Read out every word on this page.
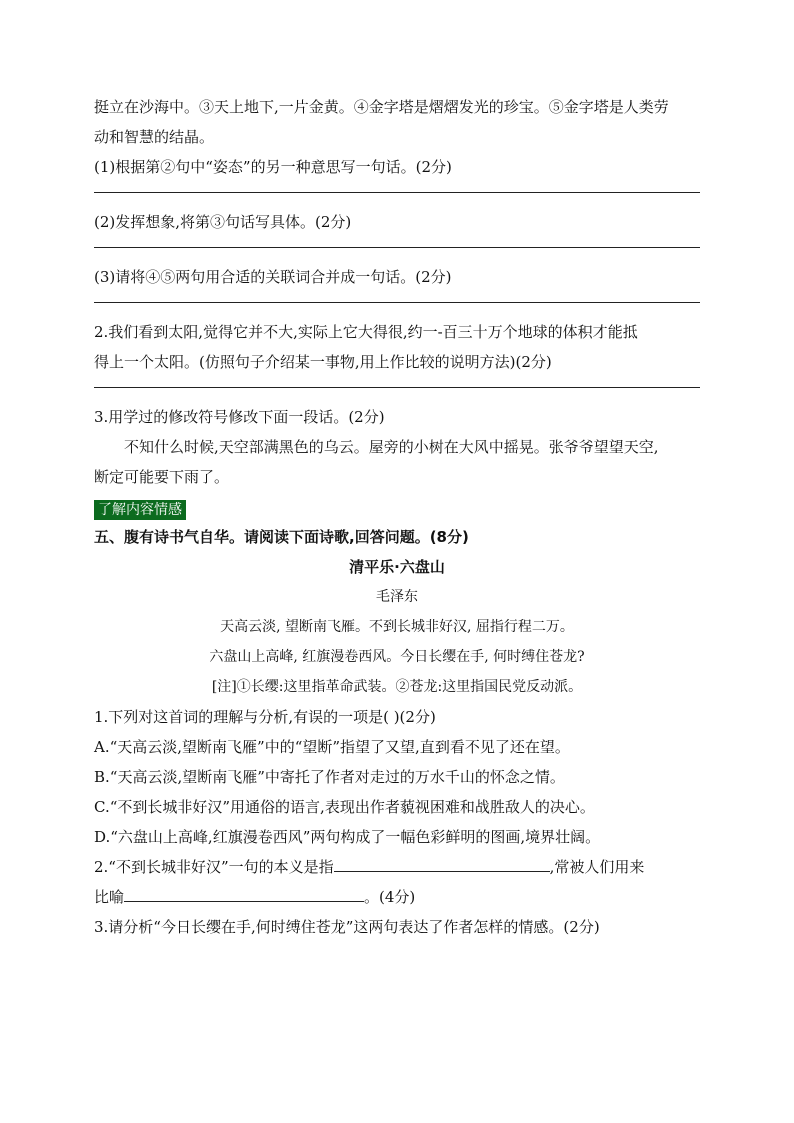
挺立在沙海中。③天上地下,一片金黄。④金字塔是熠熠发光的珍宝。⑤金字塔是人类劳
动和智慧的结晶。
(1)根据第②句中“姿态”的另一种意思写一句话。(2分)
(2)发挥想象,将第③句话写具体。(2分)
(3)请将④⑤两句用合适的关联词合并成一句话。(2分)
2.我们看到太阳,觉得它并不大,实际上它大得很,约一-百三十万个地球的体积才能抵
得上一个太阳。(仿照句子介绍某一事物,用上作比较的说明方法)(2分)
3.用学过的修改符号修改下面一段话。(2分)
不知什么时候,天空部满黑色的乌云。屋旁的小树在大风中摇晃。张爷爷望望天空,
断定可能要下雨了。
了解内容情感
五、腹有诗书气自华。请阅读下面诗歌,回答问题。(8分)
清平乐·六盘山
毛泽东
天高云淡, 望断南飞雁。不到长城非好汉, 屈指行程二万。
六盘山上高峰, 红旗漫卷西风。今日长缨在手, 何时缚住苍龙?
[注]①长缨:这里指革命武装。②苍龙:这里指国民党反动派。
1.下列对这首词的理解与分析,有误的一项是( )(2分)
A.“天高云淡,望断南飞雁”中的“望断”指望了又望,直到看不见了还在望。
B.“天高云淡,望断南飞雁”中寄托了作者对走过的万水千山的怀念之情。
C.“不到长城非好汉”用通俗的语言,表现出作者藐视困难和战胜敌人的决心。
D.“六盘山上高峰,红旗漫卷西风”两句构成了一幅色彩鲜明的图画,境界壮阔。
2.“不到长城非好汉”一句的本义是指	,常被人们用来
比喻	。(4分)
3.请分析“今日长缨在手,何时缚住苍龙”这两句表达了作者怎样的情感。(2分)
